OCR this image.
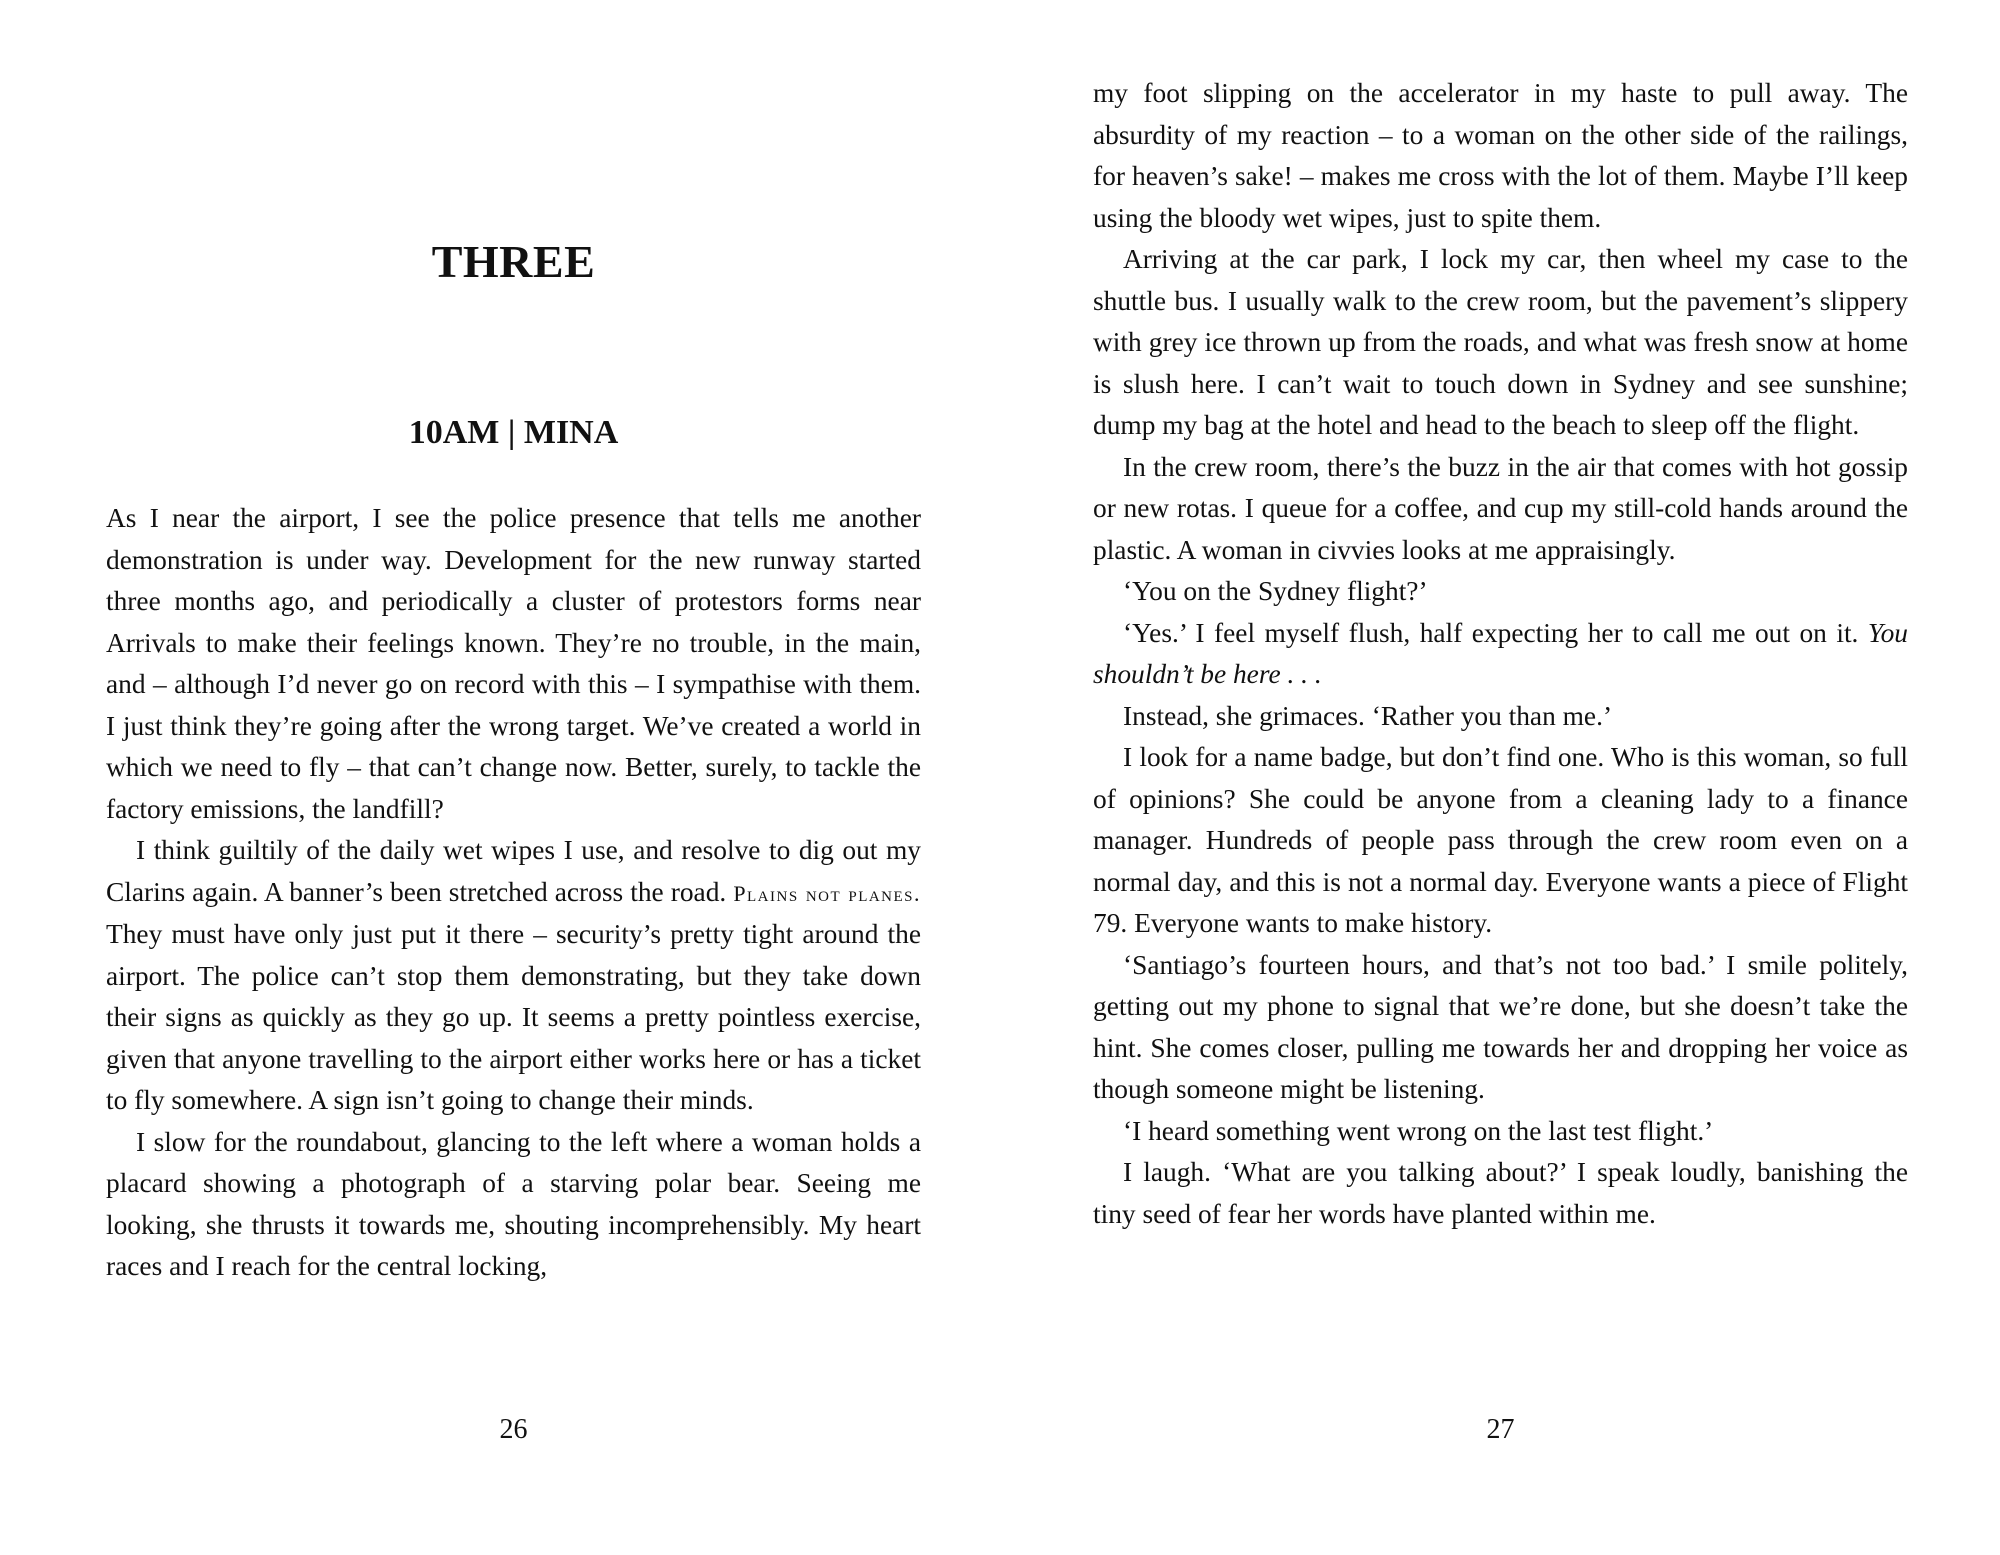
THREE
10AM | MINA

As I near the airport, I see the police presence that tells me another demonstration is under way. Development for the new runway started three months ago, and periodically a cluster of protestors forms near Arrivals to make their feelings known. They’re no trouble, in the main, and – although I’d never go on record with this – I sympathise with them. I just think they’re going after the wrong target. We’ve created a world in which we need to fly – that can’t change now. Better, surely, to tackle the factory emissions, the landfill?

I think guiltily of the daily wet wipes I use, and resolve to dig out my Clarins again. A banner’s been stretched across the road. Plains not planes. They must have only just put it there – security’s pretty tight around the airport. The police can’t stop them demonstrating, but they take down their signs as quickly as they go up. It seems a pretty pointless exercise, given that anyone travelling to the airport either works here or has a ticket to fly somewhere. A sign isn’t going to change their minds.

I slow for the roundabout, glancing to the left where a woman holds a placard showing a photograph of a starving polar bear. Seeing me looking, she thrusts it towards me, shouting incomprehensibly. My heart races and I reach for the central locking,

26

my foot slipping on the accelerator in my haste to pull away. The absurdity of my reaction – to a woman on the other side of the railings, for heaven’s sake! – makes me cross with the lot of them. Maybe I’ll keep using the bloody wet wipes, just to spite them.

Arriving at the car park, I lock my car, then wheel my case to the shuttle bus. I usually walk to the crew room, but the pavement’s slippery with grey ice thrown up from the roads, and what was fresh snow at home is slush here. I can’t wait to touch down in Sydney and see sunshine; dump my bag at the hotel and head to the beach to sleep off the flight.

In the crew room, there’s the buzz in the air that comes with hot gossip or new rotas. I queue for a coffee, and cup my still-cold hands around the plastic. A woman in civvies looks at me appraisingly.

‘You on the Sydney flight?’

‘Yes.’ I feel myself flush, half expecting her to call me out on it. You shouldn’t be here . . .

Instead, she grimaces. ‘Rather you than me.’

I look for a name badge, but don’t find one. Who is this woman, so full of opinions? She could be anyone from a cleaning lady to a finance manager. Hundreds of people pass through the crew room even on a normal day, and this is not a normal day. Everyone wants a piece of Flight 79. Everyone wants to make history.

‘Santiago’s fourteen hours, and that’s not too bad.’ I smile politely, getting out my phone to signal that we’re done, but she doesn’t take the hint. She comes closer, pulling me towards her and dropping her voice as though someone might be listening.

‘I heard something went wrong on the last test flight.’

I laugh. ‘What are you talking about?’ I speak loudly, banishing the tiny seed of fear her words have planted within me.

27
